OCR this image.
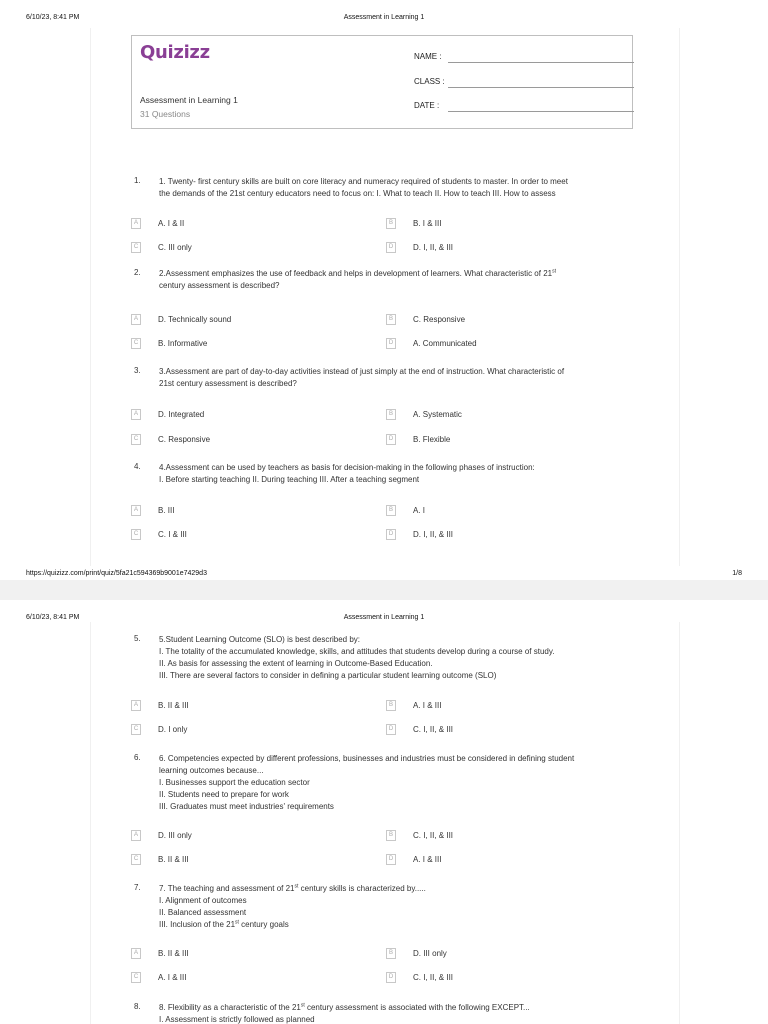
6/10/23, 8:41 PM	Assessment in Learning 1
Quizizz
Assessment in Learning 1
31 Questions
NAME :
CLASS :
DATE :
1. 1. Twenty- first century skills are built on core literacy and numeracy required of students to master. In order to meet
the demands of the 21st century educators need to focus on: I. What to teach II. How to teach III. How to assess
A	A. I & II	B	B. I & III
C	C. III only	D	D. I, II, & III
2. 2.Assessment emphasizes the use of feedback and helps in development of learners. What characteristic of 21st
century assessment is described?
A	D. Technically sound	B	C. Responsive
C	B. Informative	D	A. Communicated
3. 3.Assessment are part of day-to-day activities instead of just simply at the end of instruction. What characteristic of
21st century assessment is described?
A	D. Integrated	B	A. Systematic
C	C. Responsive	D	B. Flexible
4. 4.Assessment can be used by teachers as basis for decision-making in the following phases of instruction:
I. Before starting teaching II. During teaching III. After a teaching segment
A	B. III	B	A. I
C	C. I & III	D	D. I, II, & III
https://quizizz.com/print/quiz/5fa21c594369b9001e7429d3	1/8
6/10/23, 8:41 PM	Assessment in Learning 1
5. 5.Student Learning Outcome (SLO) is best described by:
I. The totality of the accumulated knowledge, skills, and attitudes that students develop during a course of study.
II. As basis for assessing the extent of learning in Outcome-Based Education.
III. There are several factors to consider in defining a particular student learning outcome (SLO)
A	B. II & III	B	A. I & III
C	D. I only	D	C. I, II, & III
6. 6. Competencies expected by different professions, businesses and industries must be considered in defining student
learning outcomes because...
I. Businesses support the education sector
II. Students need to prepare for work
III. Graduates must meet industries' requirements
A	D. III only	B	C. I, II, & III
C	B. II & III	D	A. I & III
7. 7. The teaching and assessment of 21st century skills is characterized by.....
I. Alignment of outcomes
II. Balanced assessment
III. Inclusion of the 21st century goals
A	B. II & III	B	D. III only
C	A. I & III	D	C. I, II, & III
8. 8. Flexibility as a characteristic of the 21st century assessment is associated with the following EXCEPT...
I. Assessment is strictly followed as planned
